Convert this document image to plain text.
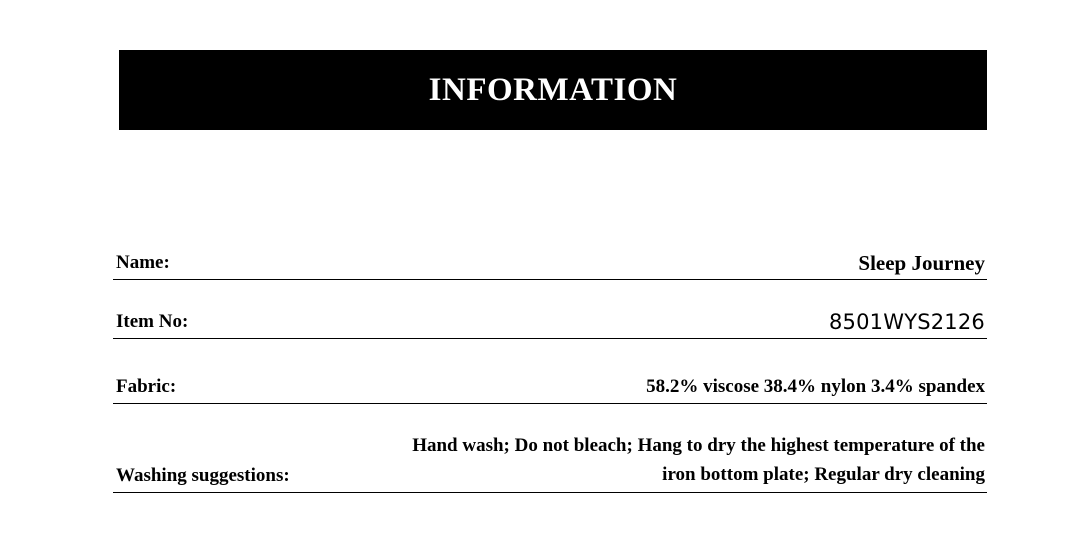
INFORMATION
Name:	Sleep Journey
Item No:	8501WYS2126
Fabric:	58.2% viscose 38.4% nylon 3.4% spandex
Washing suggestions:
Hand wash; Do not bleach; Hang to dry the highest temperature of the iron bottom plate; Regular dry cleaning
